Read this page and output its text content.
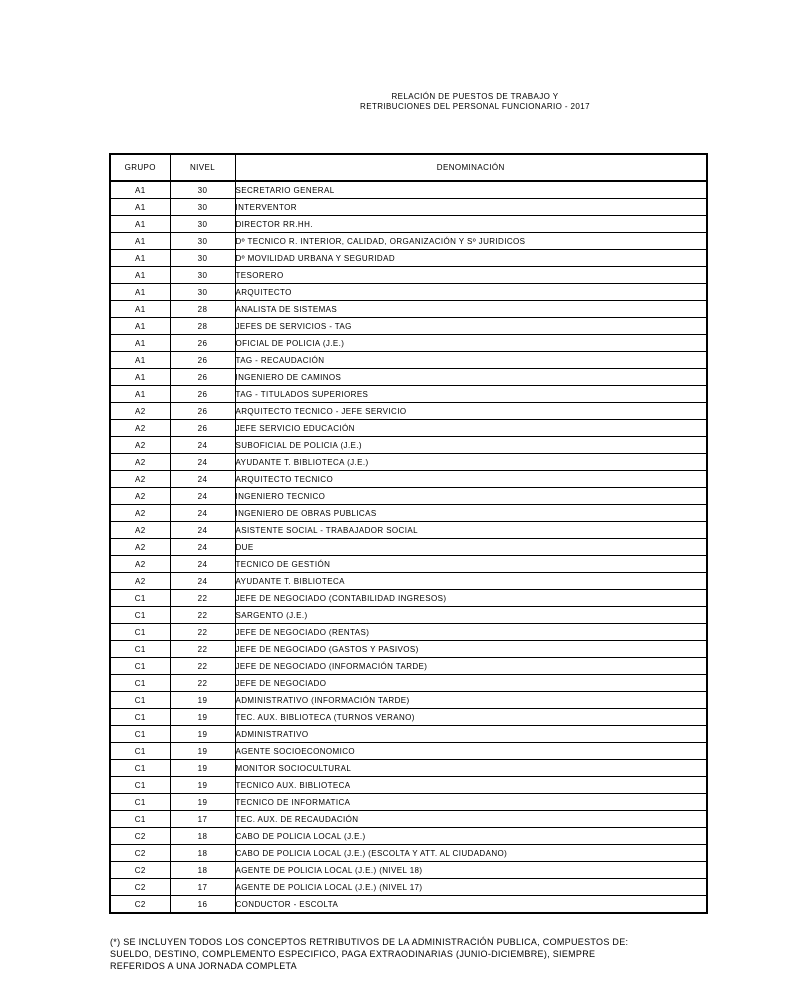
RELACIÓN DE PUESTOS DE TRABAJO Y
RETRIBUCIONES DEL PERSONAL FUNCIONARIO - 2017
GRUPO	NIVEL	DENOMINACIÓN
A1	30	SECRETARIO GENERAL
A1	30	INTERVENTOR
A1	30	DIRECTOR RR.HH.
A1	30	Dº TECNICO R. INTERIOR, CALIDAD, ORGANIZACIÓN Y Sº JURIDICOS
A1	30	Dº MOVILIDAD URBANA Y SEGURIDAD
A1	30	TESORERO
A1	30	ARQUITECTO
A1	28	ANALISTA DE SISTEMAS
A1	28	JEFES DE SERVICIOS - TAG
A1	26	OFICIAL DE POLICIA (J.E.)
A1	26	TAG - RECAUDACIÓN
A1	26	INGENIERO DE CAMINOS
A1	26	TAG - TITULADOS SUPERIORES
A2	26	ARQUITECTO TECNICO - JEFE SERVICIO
A2	26	JEFE SERVICIO EDUCACIÓN
A2	24	SUBOFICIAL DE POLICIA (J.E.)
A2	24	AYUDANTE T. BIBLIOTECA (J.E.)
A2	24	ARQUITECTO TECNICO
A2	24	INGENIERO TECNICO
A2	24	INGENIERO DE OBRAS PUBLICAS
A2	24	ASISTENTE SOCIAL - TRABAJADOR SOCIAL
A2	24	DUE
A2	24	TECNICO DE GESTIÓN
A2	24	AYUDANTE T. BIBLIOTECA
C1	22	JEFE DE NEGOCIADO (CONTABILIDAD INGRESOS)
C1	22	SARGENTO (J.E.)
C1	22	JEFE DE NEGOCIADO (RENTAS)
C1	22	JEFE DE NEGOCIADO (GASTOS Y PASIVOS)
C1	22	JEFE DE NEGOCIADO (INFORMACIÓN TARDE)
C1	22	JEFE DE NEGOCIADO
C1	19	ADMINISTRATIVO (INFORMACIÓN TARDE)
C1	19	TEC. AUX. BIBLIOTECA (TURNOS VERANO)
C1	19	ADMINISTRATIVO
C1	19	AGENTE SOCIOECONOMICO
C1	19	MONITOR SOCIOCULTURAL
C1	19	TECNICO AUX. BIBLIOTECA
C1	19	TECNICO DE INFORMATICA
C1	17	TEC. AUX. DE RECAUDACIÓN
C2	18	CABO DE POLICIA LOCAL (J.E.)
C2	18	CABO DE POLICIA LOCAL (J.E.) (ESCOLTA Y ATT. AL CIUDADANO)
C2	18	AGENTE DE POLICIA LOCAL (J.E.) (NIVEL 18)
C2	17	AGENTE DE POLICIA LOCAL (J.E.) (NIVEL 17)
C2	16	CONDUCTOR - ESCOLTA
(*) SE INCLUYEN TODOS LOS CONCEPTOS RETRIBUTIVOS DE LA ADMINISTRACIÓN PUBLICA, COMPUESTOS DE:
SUELDO, DESTINO, COMPLEMENTO ESPECIFICO, PAGA EXTRAODINARIAS (JUNIO-DICIEMBRE), SIEMPRE
REFERIDOS A UNA JORNADA COMPLETA
